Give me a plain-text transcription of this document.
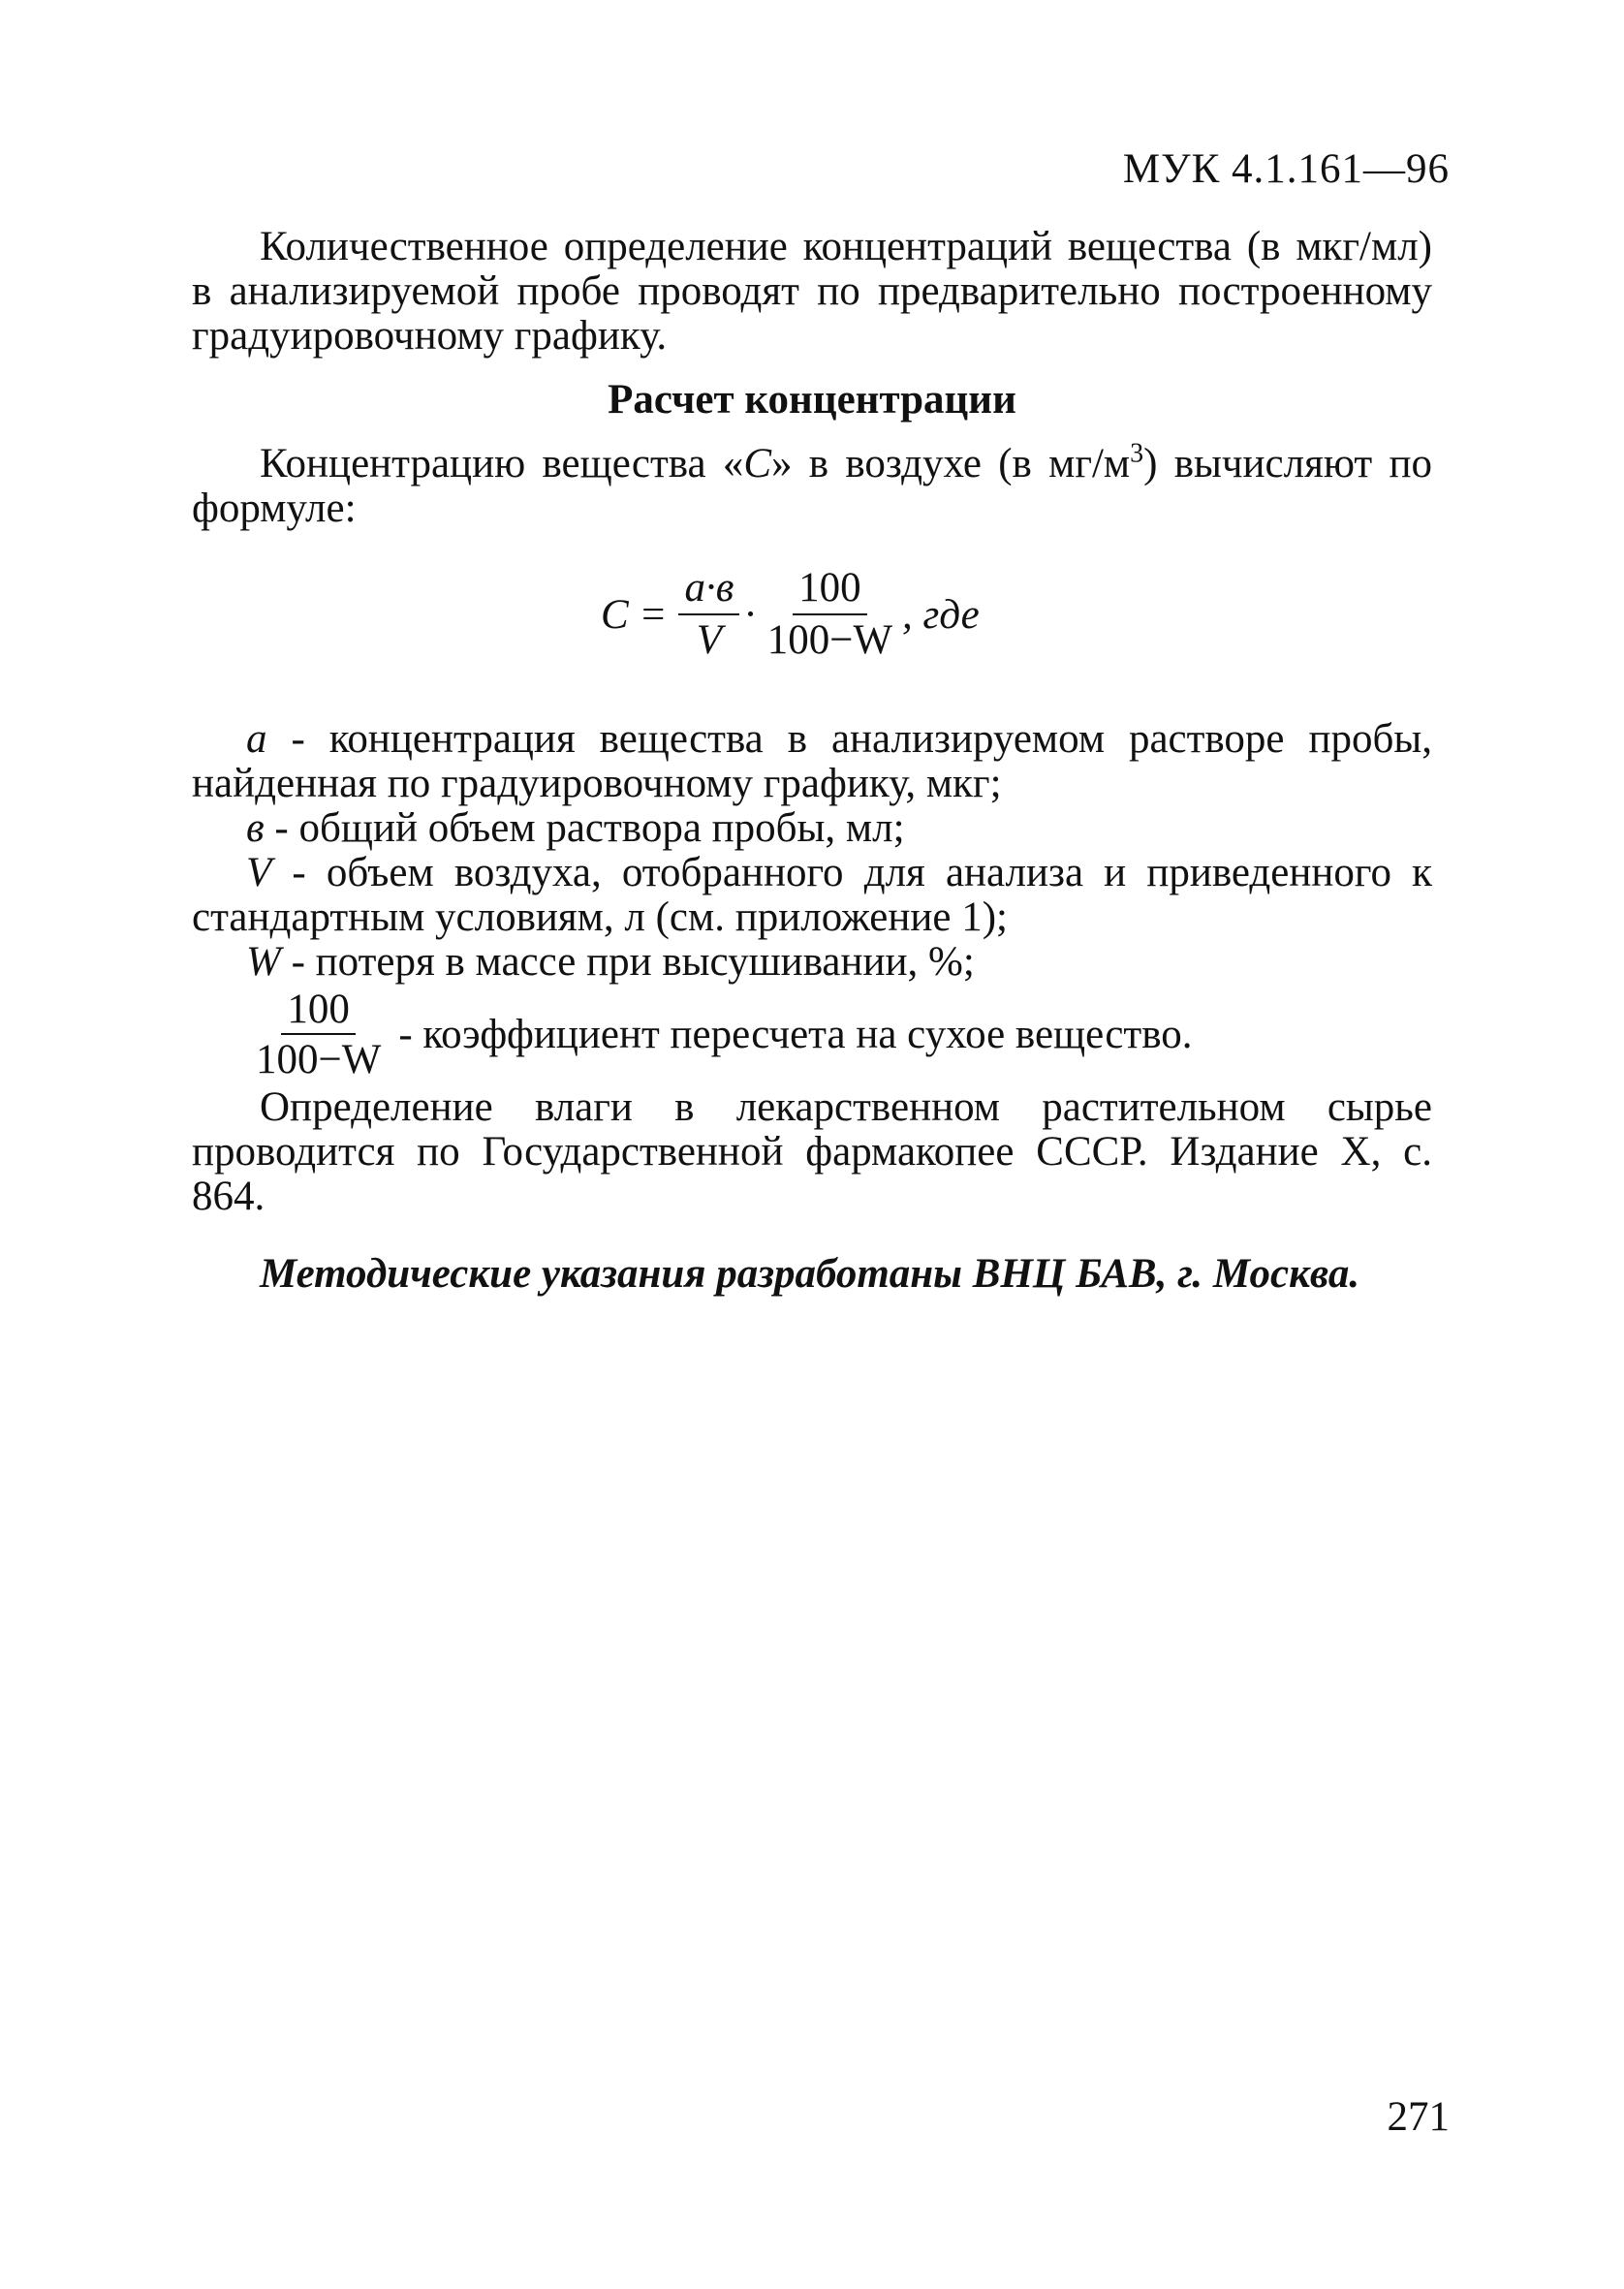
МУК 4.1.161—96

Количественное определение концентраций вещества (в мкг/мл) в анализируемой пробе проводят по предварительно построенному градуировочному графику.

Расчет концентрации

Концентрацию вещества «С» в воздухе (в $мг/м^3$) вычисляют по формуле:

$С = \frac{а\cdot в}{V} \cdot \frac{100}{100-W}$ , где

а - концентрация вещества в анализируемом растворе пробы, найденная по градуировочному графику, мкг;

в - общий объем раствора пробы, мл;

V - объем воздуха, отобранного для анализа и приведенного к стандартным условиям, л (см. приложение 1);

W - потеря в массе при высушивании, %;

$\frac{100}{100-W}$ - коэффициент пересчета на сухое вещество.

Определение влаги в лекарственном растительном сырье проводится по Государственной фармакопее СССР. Издание Х, с. 864.

Методические указания разработаны ВНЦ БАВ, г. Москва.
271
